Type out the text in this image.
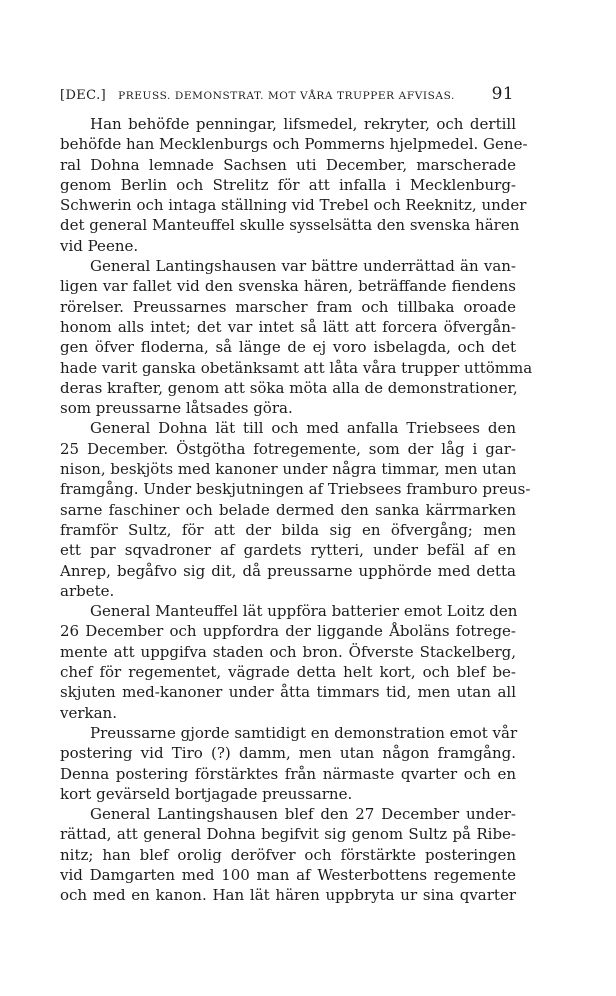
[DEC.] PREUSS. DEMONSTRAT. MOT VÅRA TRUPPER AFVISAS.	91
Han behöfde penningar, lifsmedel, rekryter, och dertill
behöfde han Mecklenburgs och Pommerns hjelpmedel. Gene-
ral Dohna lemnade Sachsen uti December, marscherade
genom Berlin och Strelitz för att infalla i Mecklenburg-
Schwerin och intaga ställning vid Trebel och Reeknitz, under
det general Manteuffel skulle sysselsätta den svenska hären
vid Peene.
General Lantingshausen var bättre underrättad än van-
ligen var fallet vid den svenska hären, beträffande fiendens
rörelser. Preussarnes marscher fram och tillbaka oroade
honom alls intet; det var intet så lätt att forcera öfvergån-
gen öfver floderna, så länge de ej voro isbelagda, och det
hade varit ganska obetänksamt att låta våra trupper uttömma
deras krafter, genom att söka möta alla de demonstrationer,
som preussarne låtsades göra.
General Dohna lät till och med anfalla Triebsees den
25 December. Östgötha fotregemente, som der låg i gar-
nison, beskjöts med kanoner under några timmar, men utan
framgång. Under beskjutningen af Triebsees framburo preus-
sarne faschiner och belade dermed den sanka kärrmarken
framför Sultz, för att der bilda sig en öfvergång; men
ett par sqvadroner af gardets rytteri, under befäl af en
Anrep, begåfvo sig dit, då preussarne upphörde med detta
arbete.
General Manteuffel lät uppföra batterier emot Loitz den
26 December och uppfordra der liggande Åboläns fotrege-
mente att uppgifva staden och bron. Öfverste Stackelberg,
chef för regementet, vägrade detta helt kort, och blef be-
skjuten med-kanoner under åtta timmars tid, men utan all
verkan.
Preussarne gjorde samtidigt en demonstration emot vår
postering vid Tiro (?) damm, men utan någon framgång.
Denna postering förstärktes från närmaste qvarter och en
kort gevärseld bortjagade preussarne.
General Lantingshausen blef den 27 December under-
rättad, att general Dohna begifvit sig genom Sultz på Ribe-
nitz; han blef orolig deröfver och förstärkte posteringen
vid Damgarten med 100 man af Westerbottens regemente
och med en kanon. Han lät hären uppbryta ur sina qvarter
